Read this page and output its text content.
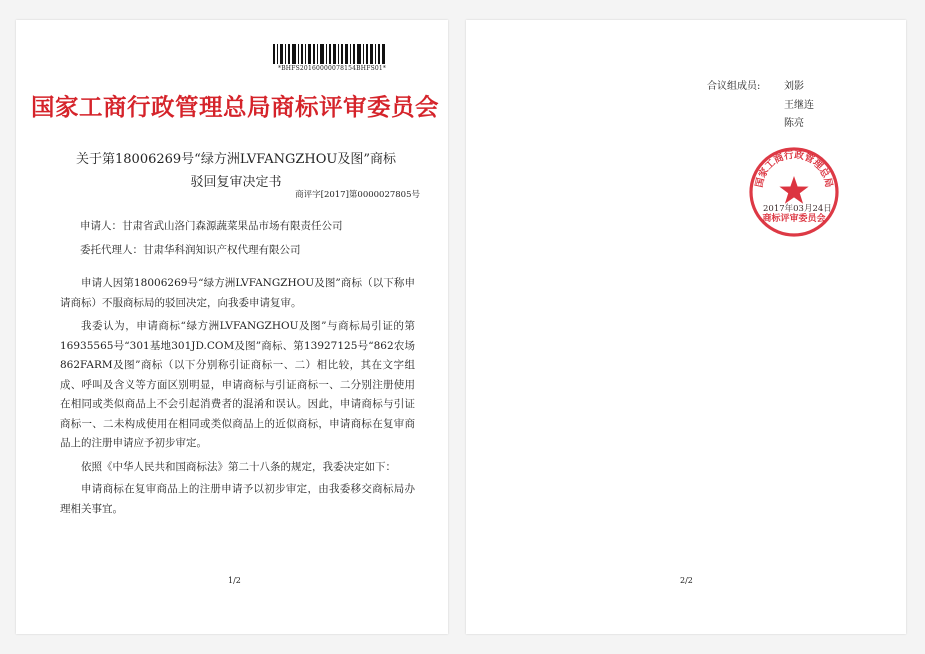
*BHFS20160000078154BHFS01*
国家工商行政管理总局商标评审委员会
关于第18006269号“绿方洲LVFANGZHOU及图”商标
驳回复审决定书
商评字[2017]第0000027805号
申请人：甘肃省武山洛门森源蔬菜果品市场有限责任公司
委托代理人：甘肃华科润知识产权代理有限公司

申请人因第18006269号“绿方洲LVFANGZHOU及图”商标（以下称申请商标）不服商标局的驳回决定，向我委申请复审。

我委认为，申请商标“绿方洲LVFANGZHOU及图”与商标局引证的第16935565号“301基地301JD.COM及图”商标、第13927125号“862农场862FARM及图”商标（以下分别称引证商标一、二）相比较，其在文字组成、呼叫及含义等方面区别明显，申请商标与引证商标一、二分别注册使用在相同或类似商品上不会引起消费者的混淆和误认。因此，申请商标与引证商标一、二未构成使用在相同或类似商品上的近似商标，申请商标在复审商品上的注册申请应予初步审定。

依照《中华人民共和国商标法》第二十八条的规定，我委决定如下：

申请商标在复审商品上的注册申请予以初步审定，由我委移交商标局办理相关事宜。

1/2
合议组成员: 刘影
王继连
陈亮
国家工商行政管理总局
商标评审委员会
2017年03月24日
2/2
